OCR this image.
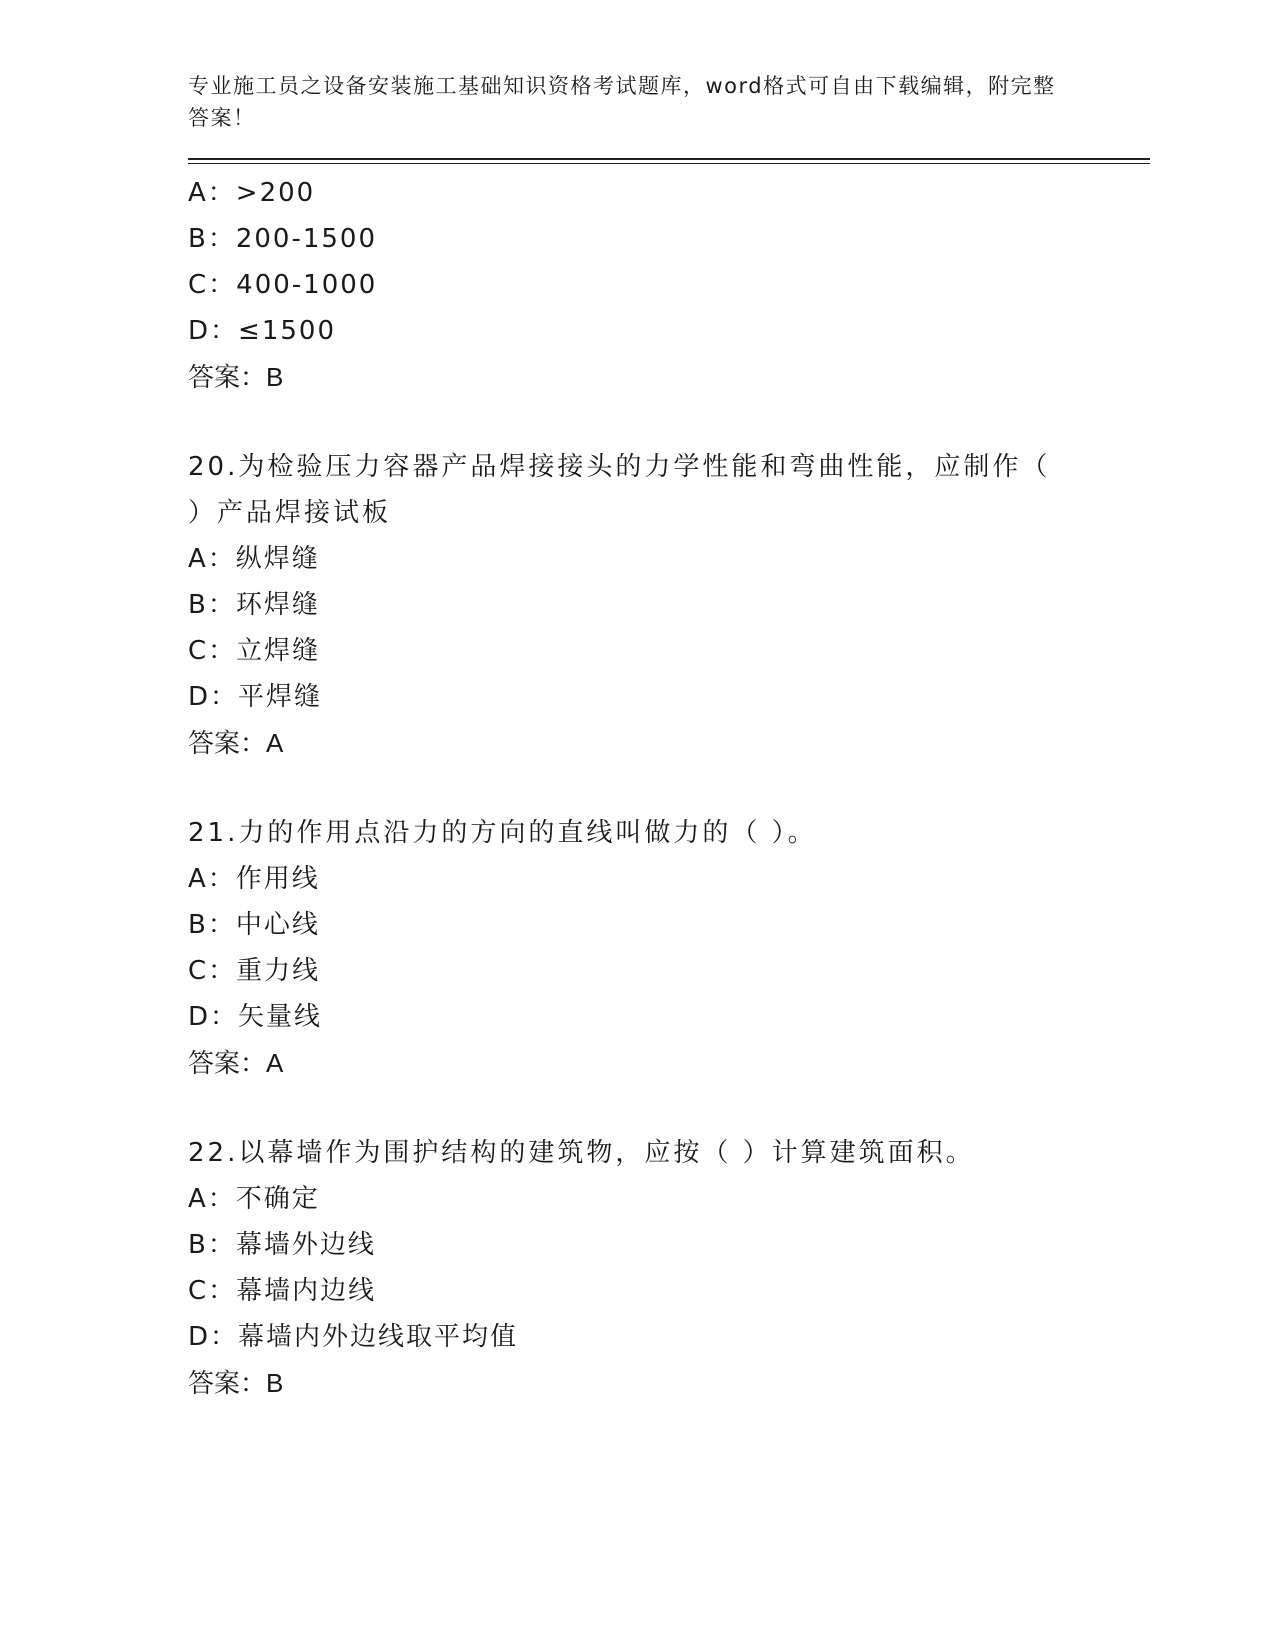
专业施工员之设备安装施工基础知识资格考试题库，word格式可自由下载编辑，附完整答案！
A：>200
B：200-1500
C：400-1000
D：≤1500
答案：B
20.为检验压力容器产品焊接接头的力学性能和弯曲性能，应制作（ ）产品焊接试板
A：纵焊缝
B：环焊缝
C：立焊缝
D：平焊缝
答案：A
21.力的作用点沿力的方向的直线叫做力的（ ）。
A：作用线
B：中心线
C：重力线
D：矢量线
答案：A
22.以幕墙作为围护结构的建筑物，应按（ ）计算建筑面积。
A：不确定
B：幕墙外边线
C：幕墙内边线
D：幕墙内外边线取平均值
答案：B
